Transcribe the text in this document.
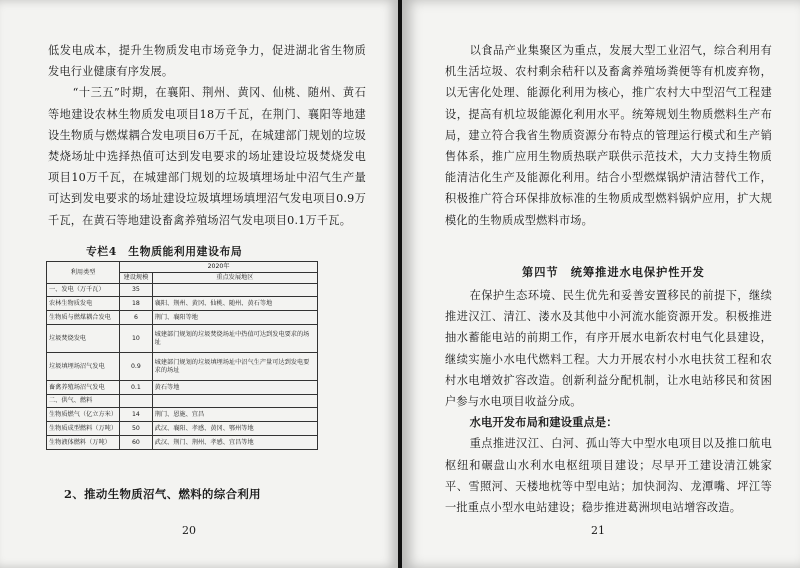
低发电成本，提升生物质发电市场竞争力，促进湖北省生物质发电行业健康有序发展。

“十三五”时期，在襄阳、荆州、黄冈、仙桃、随州、黄石等地建设农林生物质发电项目18万千瓦，在荆门、襄阳等地建设生物质与燃煤耦合发电项目6万千瓦，在城建部门规划的垃圾焚烧场址中选择热值可达到发电要求的场址建设垃圾焚烧发电项目10万千瓦，在城建部门规划的垃圾填埋场址中沼气生产量可达到发电要求的场址建设垃圾填埋场填埋沼气发电项目0.9万千瓦，在黄石等地建设畜禽养殖场沼气发电项目0.1万千瓦。

专栏4　生物质能利用建设布局
利用类型	2020年	
	建设规模	重点发展地区
一、发电（万千瓦）	35	
农林生物质发电	18	襄阳、荆州、黄冈、仙桃、随州、黄石等地
生物质与燃煤耦合发电	6	荆门、襄阳等地
垃圾焚烧发电	10	城建部门规划的垃圾焚烧场址中热值可达到发电要求的场址
垃圾填埋场沼气发电	0.9	城建部门规划的垃圾填埋场址中沼气生产量可达到发电要求的场址
畜禽养殖场沼气发电	0.1	黄石等地
二、供气、燃料		
生物质燃气（亿立方米）	14	荆门、恩施、宜昌
生物质成型燃料（万吨）	50	武汉、襄阳、孝感、黄冈、鄂州等地
生物液体燃料（万吨）	60	武汉、荆门、荆州、孝感、宜昌等地
2、推动生物质沼气、燃料的综合利用
20

以食品产业集聚区为重点，发展大型工业沼气，综合利用有机生活垃圾、农村剩余秸秆以及畜禽养殖场粪便等有机废弃物，以无害化处理、能源化利用为核心，推广农村大中型沼气工程建设，提高有机垃圾能源化利用水平。统筹规划生物质燃料生产布局，建立符合我省生物质资源分布特点的管理运行模式和生产销售体系，推广应用生物质热联产联供示范技术，大力支持生物质能清洁化生产及能源化利用。结合小型燃煤锅炉清洁替代工作，积极推广符合环保排放标准的生物质成型燃料锅炉应用，扩大规模化的生物质成型燃料市场。

第四节　统筹推进水电保护性开发

在保护生态环境、民生优先和妥善安置移民的前提下，继续推进汉江、清江、溇水及其他中小河流水能资源开发。积极推进抽水蓄能电站的前期工作，有序开展水电新农村电气化县建设，继续实施小水电代燃料工程。大力开展农村小水电扶贫工程和农村水电增效扩容改造。创新利益分配机制，让水电站移民和贫困户参与水电项目收益分成。

水电开发布局和建设重点是：

重点推进汉江、白河、孤山等大中型水电项目以及推口航电枢纽和碾盘山水利水电枢纽项目建设；尽早开工建设清江姚家平、雪照河、天楼地枕等中型电站；加快洞沟、龙潭嘴、坪江等一批重点小型水电站建设；稳步推进葛洲坝电站增容改造。

21
